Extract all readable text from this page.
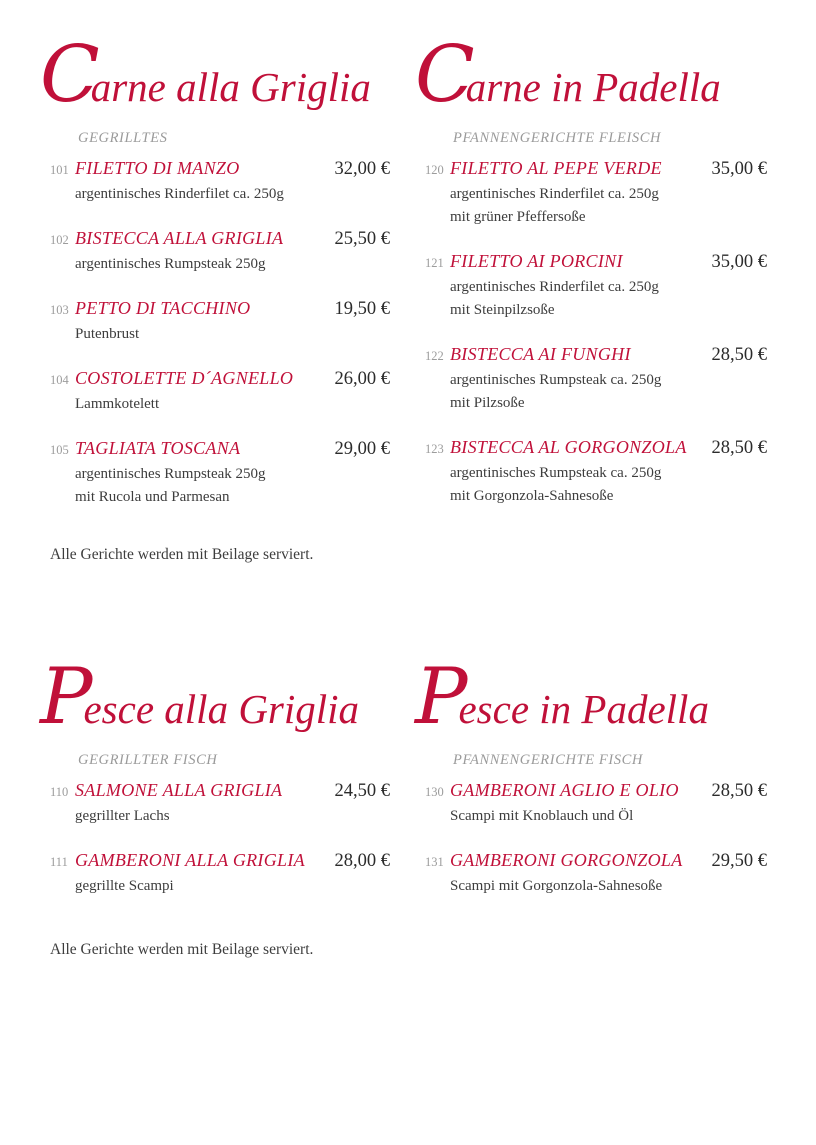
Carne alla Griglia
GEGRILLTES
101 FILETTO DI MANZO	32,00 €
argentinisches Rinderfilet ca. 250g
102 BISTECCA ALLA GRIGLIA	25,50 €
argentinisches Rumpsteak 250g
103 PETTO DI TACCHINO	19,50 €
Putenbrust
104 COSTOLETTE D´AGNELLO	26,00 €
Lammkotelett
105 TAGLIATA TOSCANA	29,00 €
argentinisches Rumpsteak 250g
mit Rucola und Parmesan
Alle Gerichte werden mit Beilage serviert.
Carne in Padella
PFANNENGERICHTE FLEISCH
120 FILETTO AL PEPE VERDE	35,00 €
argentinisches Rinderfilet ca. 250g
mit grüner Pfeffersoße
121 FILETTO AI PORCINI	35,00 €
argentinisches Rinderfilet ca. 250g
mit Steinpilzsoße
122 BISTECCA AI FUNGHI	28,50 €
argentinisches Rumpsteak ca. 250g
mit Pilzsoße
123 BISTECCA AL GORGONZOLA	28,50 €
argentinisches Rumpsteak ca. 250g
mit Gorgonzola-Sahnesoße
Pesce alla Griglia
GEGRILLTER FISCH
110 SALMONE ALLA GRIGLIA	24,50 €
gegrillter Lachs
111 GAMBERONI ALLA GRIGLIA	28,00 €
gegrillte Scampi
Alle Gerichte werden mit Beilage serviert.
Pesce in Padella
PFANNENGERICHTE FISCH
130 GAMBERONI AGLIO E OLIO	28,50 €
Scampi mit Knoblauch und Öl
131 GAMBERONI GORGONZOLA	29,50 €
Scampi mit Gorgonzola-Sahnesoße
